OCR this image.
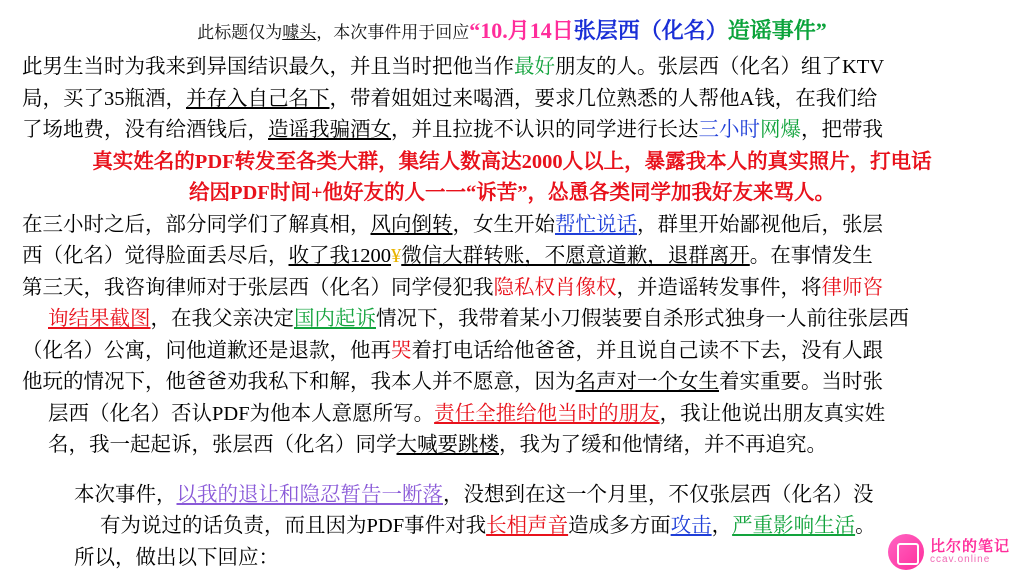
此标题仅为噱头，本次事件用于回应“10.月14日张层西（化名）造谣事件”

此男生当时为我来到异国结识最久，并且当时把他当作最好朋友的人。张层西（化名）组了KTV
局，买了35瓶酒，并存入自己名下，带着姐姐过来喝酒，要求几位熟悉的人帮他A钱，在我们给
了场地费，没有给酒钱后，造谣我骗酒女，并且拉拢不认识的同学进行长达三小时网爆，把带我
真实姓名的PDF转发至各类大群，集结人数高达2000人以上，暴露我本人的真实照片，打电话
给因PDF时间+他好友的人一一“诉苦”，怂恿各类同学加我好友来骂人。
在三小时之后，部分同学们了解真相，风向倒转，女生开始帮忙说话，群里开始鄙视他后，张层
西（化名）觉得脸面丢尽后，收了我1200¥微信大群转账，不愿意道歉，退群离开。在事情发生
第三天，我咨询律师对于张层西（化名）同学侵犯我隐私权肖像权，并造谣转发事件，将律师咨
询结果截图，在我父亲决定国内起诉情况下，我带着某小刀假装要自杀形式独身一人前往张层西
（化名）公寓，问他道歉还是退款，他再哭着打电话给他爸爸，并且说自己读不下去，没有人跟
他玩的情况下，他爸爸劝我私下和解，我本人并不愿意，因为名声对一个女生着实重要。当时张
层西（化名）否认PDF为他本人意愿所写。责任全推给他当时的朋友，我让他说出朋友真实姓
名，我一起起诉，张层西（化名）同学大喊要跳楼，我为了缓和他情绪，并不再追究。

本次事件，以我的退让和隐忍暂告一断落，没想到在这一个月里，不仅张层西（化名）没
有为说过的话负责，而且因为PDF事件对我长相声音造成多方面攻击，严重影响生活。
所以，做出以下回应：

比尔的笔记
ccav.online
